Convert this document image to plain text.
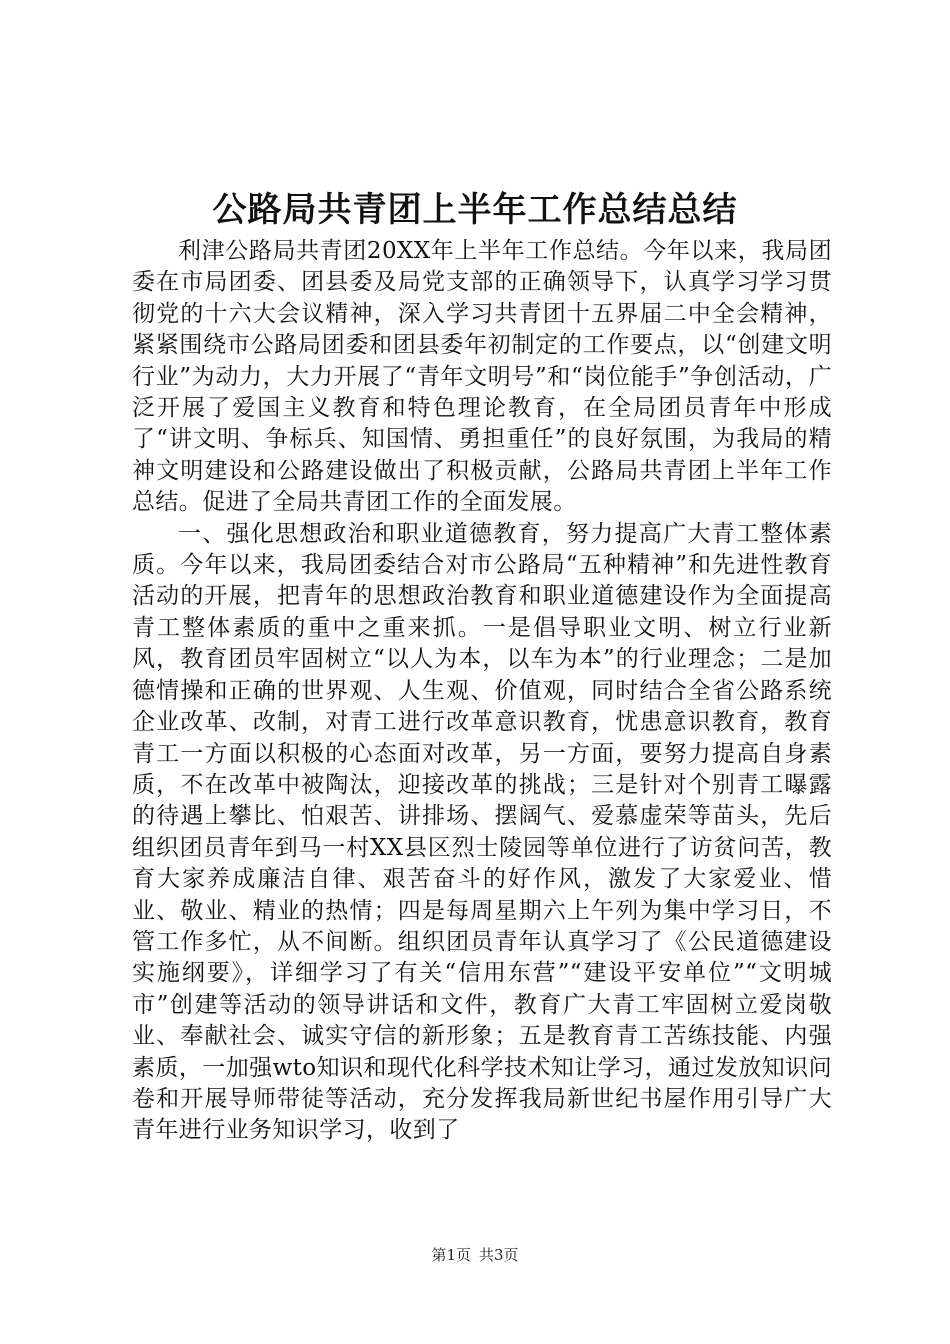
公路局共青团上半年工作总结总结

利津公路局共青团20XX年上半年工作总结。今年以来，我局团委在市局团委、团县委及局党支部的正确领导下，认真学习学习贯彻党的十六大会议精神，深入学习共青团十五界届二中全会精神，紧紧围绕市公路局团委和团县委年初制定的工作要点，以“创建文明行业”为动力，大力开展了“青年文明号”和“岗位能手”争创活动，广泛开展了爱国主义教育和特色理论教育，在全局团员青年中形成了“讲文明、争标兵、知国情、勇担重任”的良好氛围，为我局的精神文明建设和公路建设做出了积极贡献，公路局共青团上半年工作总结。促进了全局共青团工作的全面发展。

一、强化思想政治和职业道德教育，努力提高广大青工整体素质。今年以来，我局团委结合对市公路局“五种精神”和先进性教育活动的开展，把青年的思想政治教育和职业道德建设作为全面提高青工整体素质的重中之重来抓。一是倡导职业文明、树立行业新风，教育团员牢固树立“以人为本，以车为本”的行业理念；二是加德情操和正确的世界观、人生观、价值观，同时结合全省公路系统企业改革、改制，对青工进行改革意识教育，忧患意识教育，教育青工一方面以积极的心态面对改革，另一方面，要努力提高自身素质，不在改革中被陶汰，迎接改革的挑战；三是针对个别青工曝露的待遇上攀比、怕艰苦、讲排场、摆阔气、爱慕虚荣等苗头，先后组织团员青年到马一村XX县区烈士陵园等单位进行了访贫问苦，教育大家养成廉洁自律、艰苦奋斗的好作风，激发了大家爱业、惜业、敬业、精业的热情；四是每周星期六上午列为集中学习日，不管工作多忙，从不间断。组织团员青年认真学习了《公民道德建设实施纲要》，详细学习了有关“信用东营”“建设平安单位”“文明城市”创建等活动的领导讲话和文件，教育广大青工牢固树立爱岗敬业、奉献社会、诚实守信的新形象；五是教育青工苦练技能、内强素质，一加强wto知识和现代化科学技术知让学习，通过发放知识问卷和开展导师带徒等活动，充分发挥我局新世纪书屋作用引导广大青年进行业务知识学习，收到了

第1页 共3页
